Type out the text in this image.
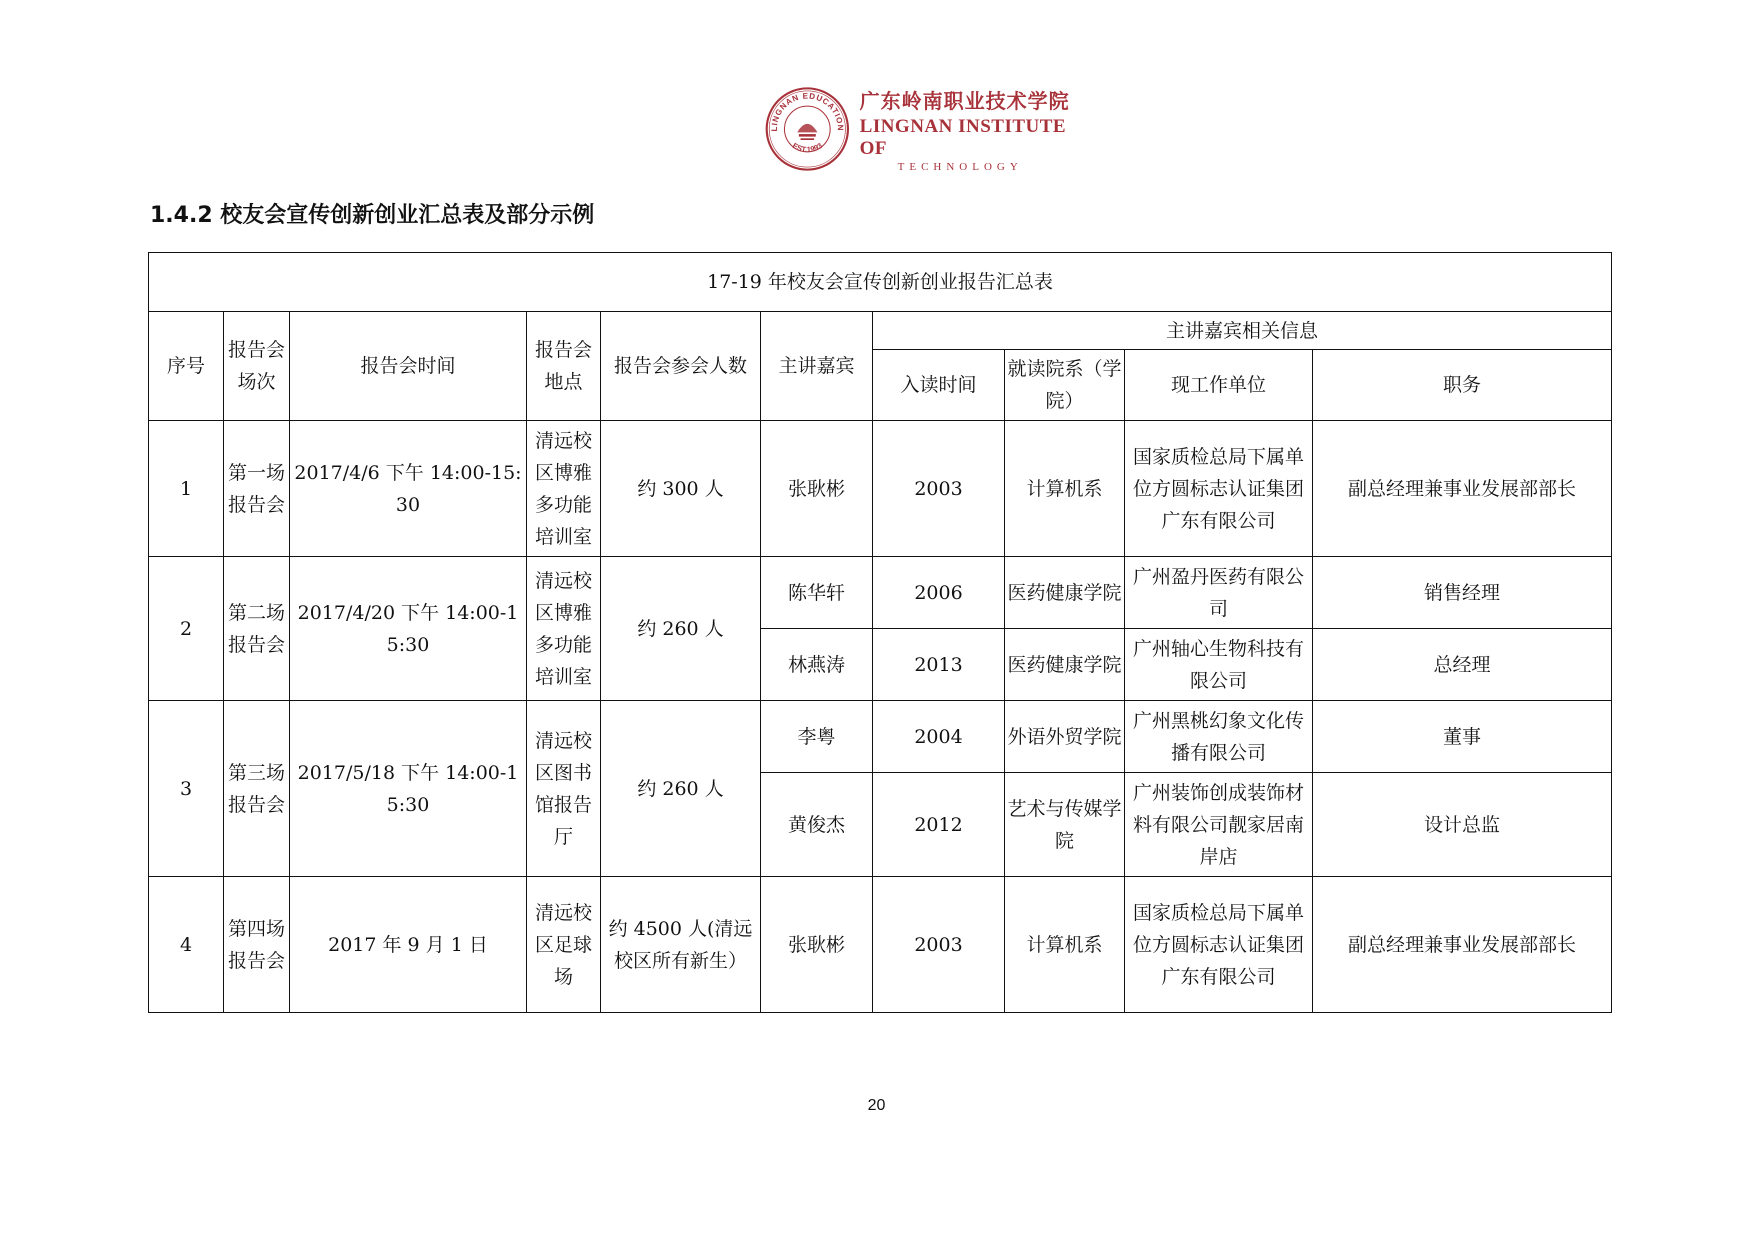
LINGNAN EDUCATION
EST.1993
广东岭南职业技术学院
LINGNAN INSTITUTE OF
TECHNOLOGY
1.4.2 校友会宣传创新创业汇总表及部分示例
17-19 年校友会宣传创新创业报告汇总表									
序号	报告会场次	报告会时间	报告会地点	报告会参会人数	主讲嘉宾	主讲嘉宾相关信息			
						入读时间	就读院系（学院）	现工作单位	职务
1	第一场报告会	2017/4/6 下午 14:00-15:30	清远校区博雅多功能培训室	约 300 人	张耿彬	2003	计算机系	国家质检总局下属单位方圆标志认证集团广东有限公司	副总经理兼事业发展部部长
2	第二场报告会	2017/4/20 下午 14:00-15:30	清远校区博雅多功能培训室	约 260 人	陈华轩	2006	医药健康学院	广州盈丹医药有限公司	销售经理
					林燕涛	2013	医药健康学院	广州轴心生物科技有限公司	总经理
3	第三场报告会	2017/5/18 下午 14:00-15:30	清远校区图书馆报告厅	约 260 人	李粤	2004	外语外贸学院	广州黑桃幻象文化传播有限公司	董事
					黄俊杰	2012	艺术与传媒学院	广州装饰创成装饰材料有限公司靓家居南岸店	设计总监
4	第四场报告会	2017 年 9 月 1 日	清远校区足球场	约 4500 人(清远校区所有新生）	张耿彬	2003	计算机系	国家质检总局下属单位方圆标志认证集团广东有限公司	副总经理兼事业发展部部长
20
